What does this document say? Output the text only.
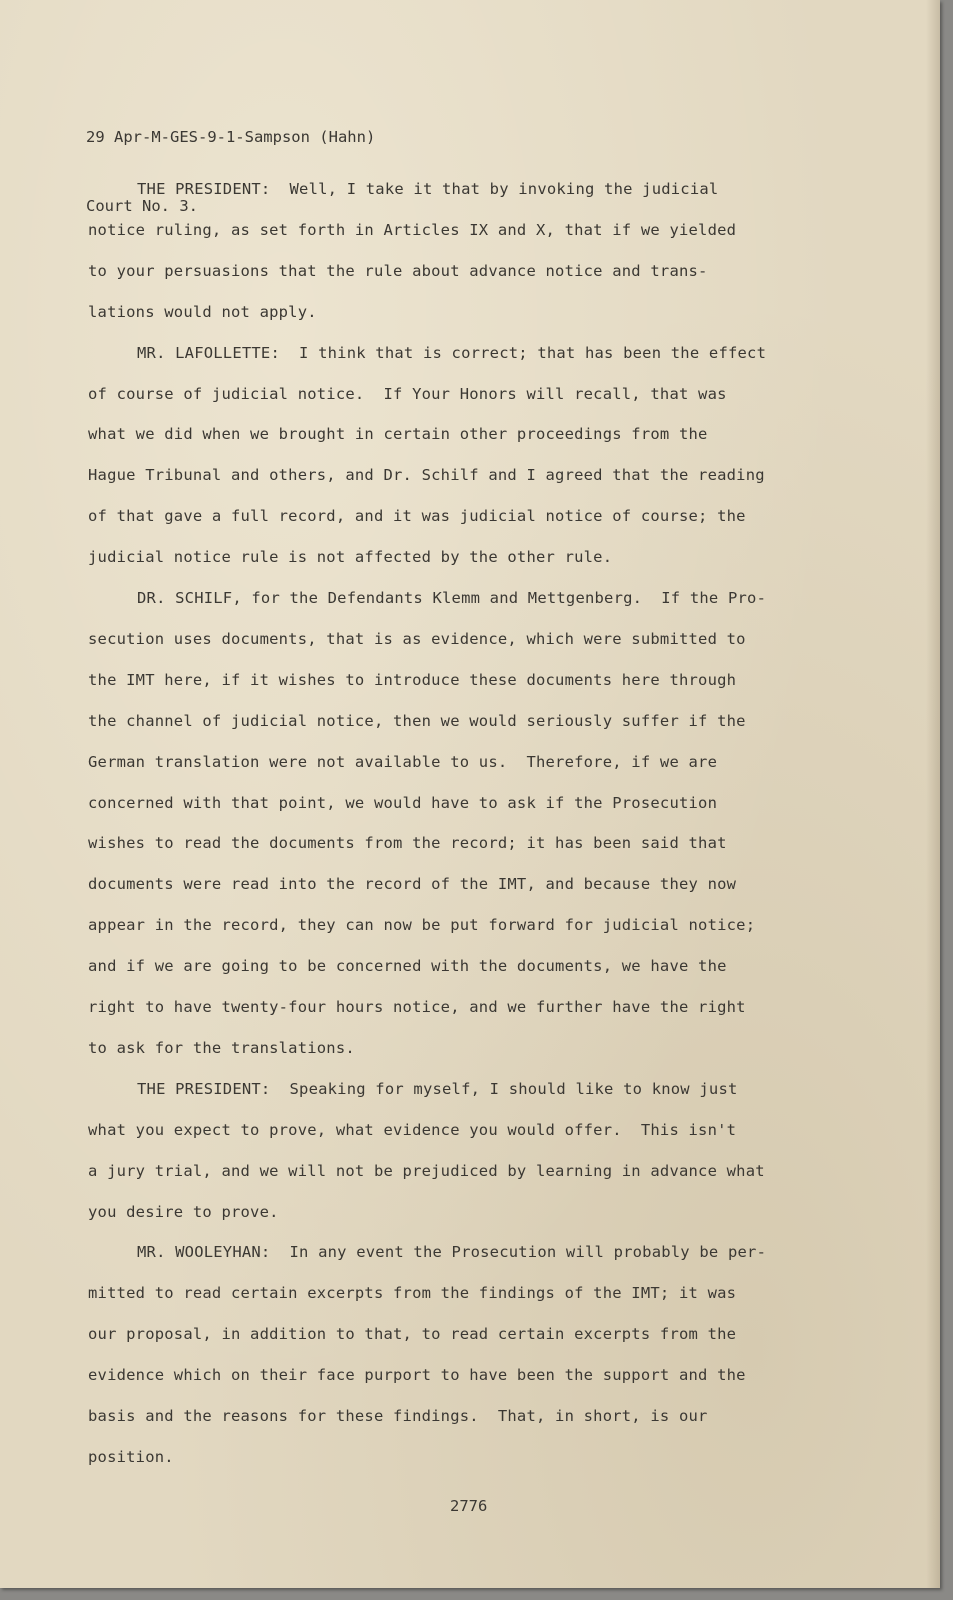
29 Apr-M-GES-9-1-Sampson (Hahn)

Court No. 3.

THE PRESIDENT:  Well, I take it that by invoking the judicial
notice ruling, as set forth in Articles IX and X, that if we yielded
to your persuasions that the rule about advance notice and trans-
lations would not apply.
MR. LAFOLLETTE:  I think that is correct; that has been the effect
of course of judicial notice.  If Your Honors will recall, that was
what we did when we brought in certain other proceedings from the
Hague Tribunal and others, and Dr. Schilf and I agreed that the reading
of that gave a full record, and it was judicial notice of course; the
judicial notice rule is not affected by the other rule.
DR. SCHILF, for the Defendants Klemm and Mettgenberg.  If the Pro-
secution uses documents, that is as evidence, which were submitted to
the IMT here, if it wishes to introduce these documents here through
the channel of judicial notice, then we would seriously suffer if the
German translation were not available to us.  Therefore, if we are
concerned with that point, we would have to ask if the Prosecution
wishes to read the documents from the record; it has been said that
documents were read into the record of the IMT, and because they now
appear in the record, they can now be put forward for judicial notice;
and if we are going to be concerned with the documents, we have the
right to have twenty-four hours notice, and we further have the right
to ask for the translations.
THE PRESIDENT:  Speaking for myself, I should like to know just
what you expect to prove, what evidence you would offer.  This isn't
a jury trial, and we will not be prejudiced by learning in advance what
you desire to prove.
MR. WOOLEYHAN:  In any event the Prosecution will probably be per-
mitted to read certain excerpts from the findings of the IMT; it was
our proposal, in addition to that, to read certain excerpts from the
evidence which on their face purport to have been the support and the
basis and the reasons for these findings.  That, in short, is our
position.
2776
